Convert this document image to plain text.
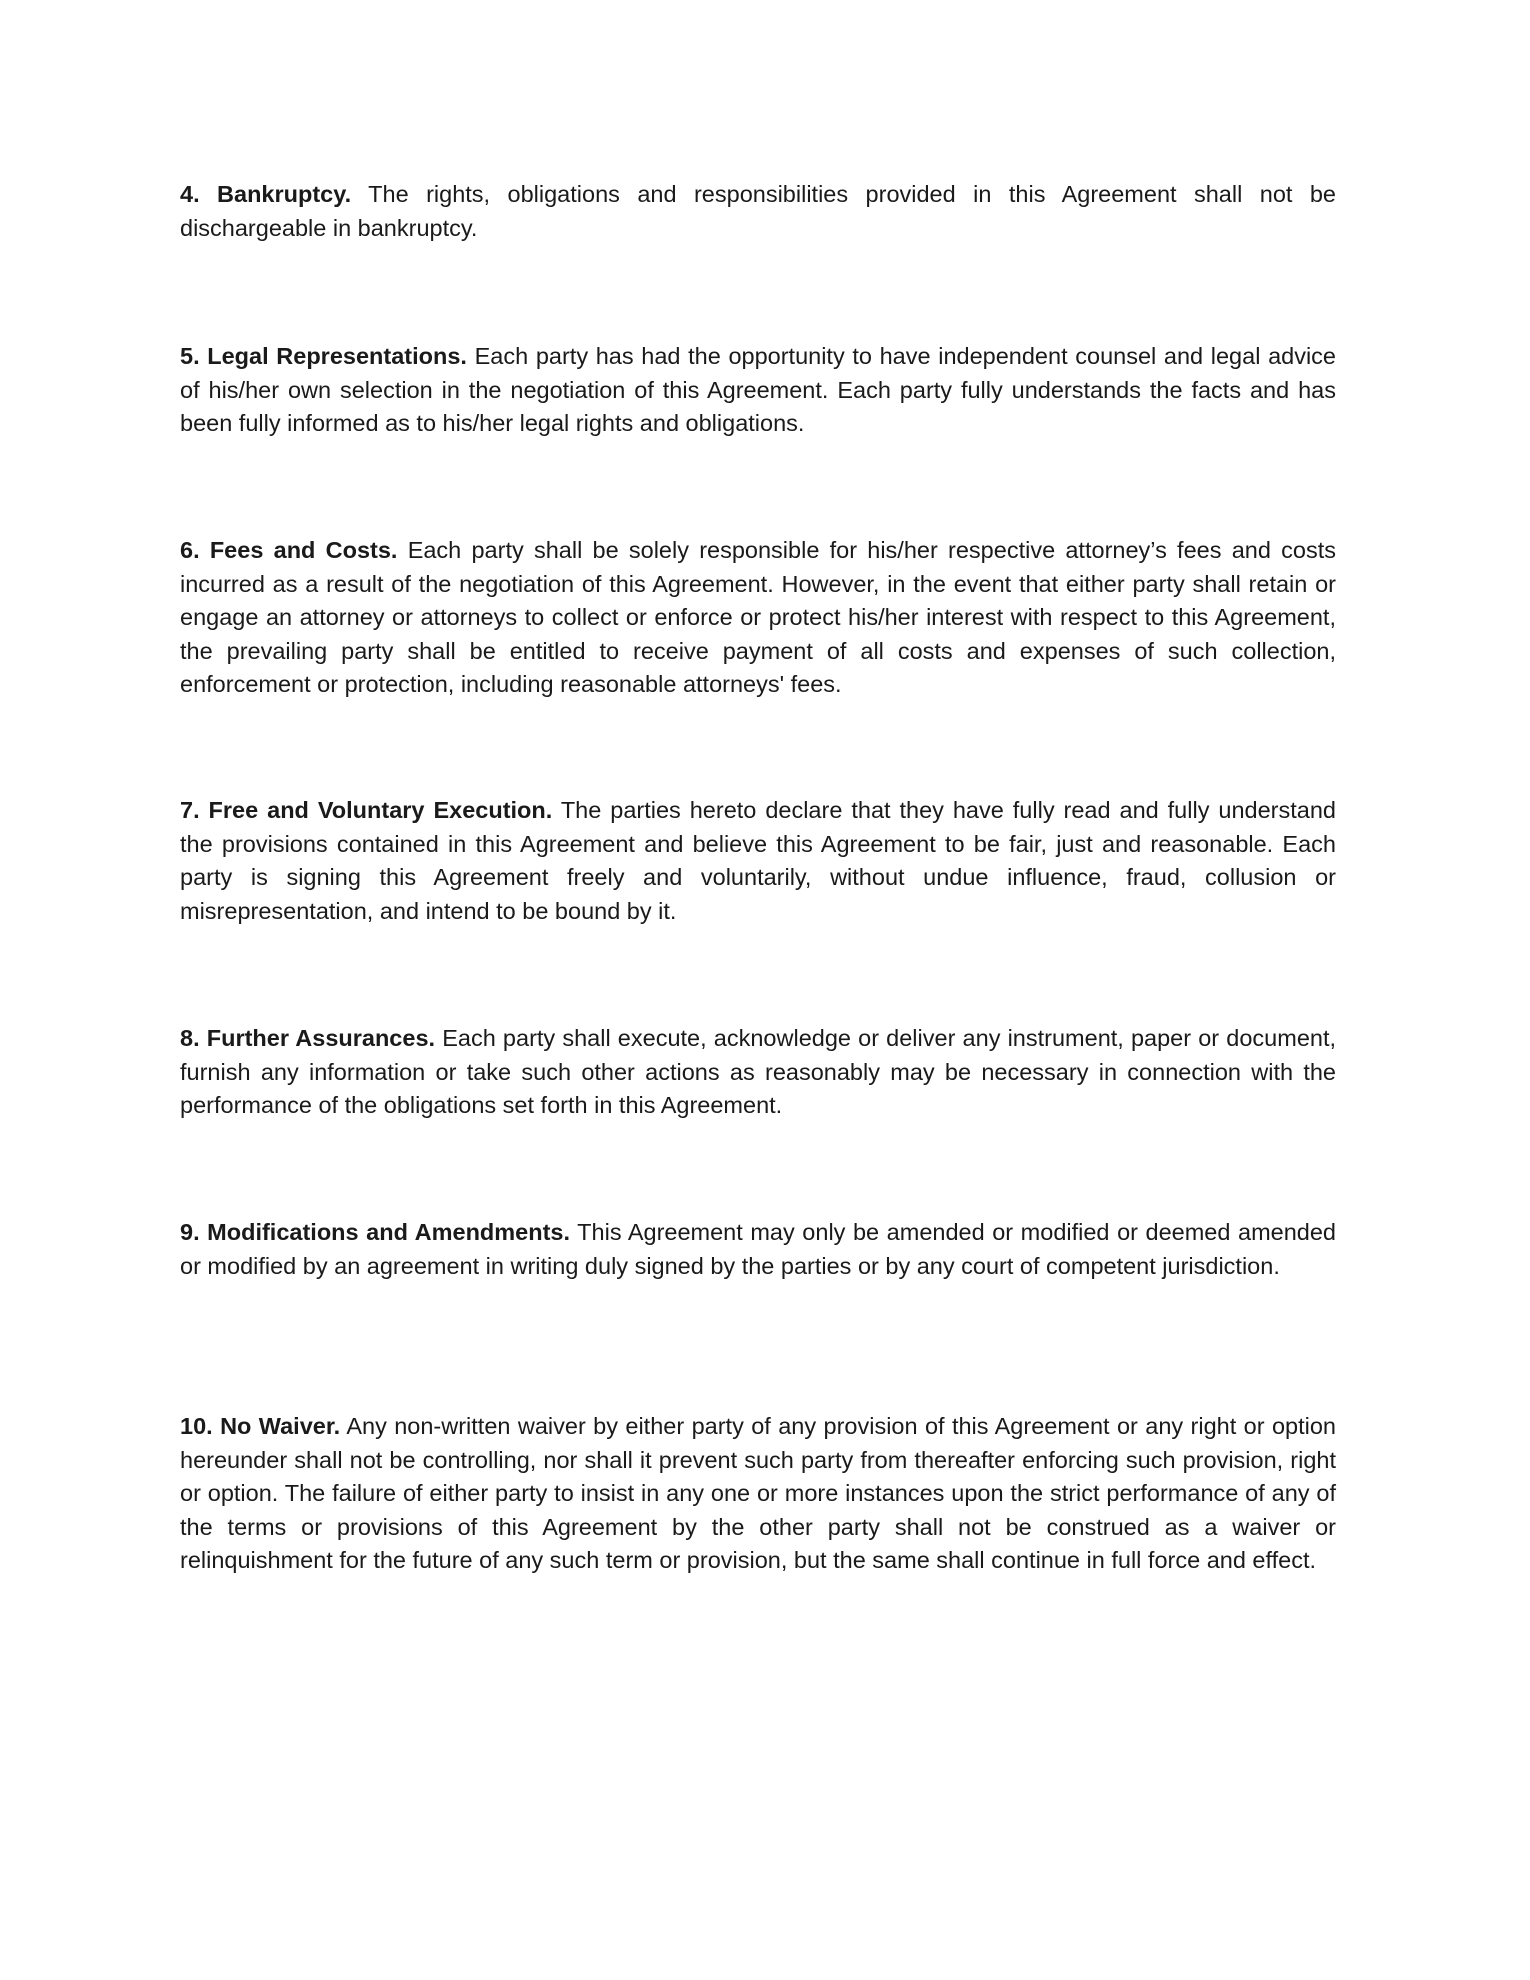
4. Bankruptcy. The rights, obligations and responsibilities provided in this Agreement shall not be dischargeable in bankruptcy.

5. Legal Representations. Each party has had the opportunity to have independent counsel and legal advice of his/her own selection in the negotiation of this Agreement. Each party fully understands the facts and has been fully informed as to his/her legal rights and obligations.

6. Fees and Costs. Each party shall be solely responsible for his/her respective attorney’s fees and costs incurred as a result of the negotiation of this Agreement. However, in the event that either party shall retain or engage an attorney or attorneys to collect or enforce or protect his/her interest with respect to this Agreement, the prevailing party shall be entitled to receive payment of all costs and expenses of such collection, enforcement or protection, including reasonable attorneys' fees.

7. Free and Voluntary Execution. The parties hereto declare that they have fully read and fully understand the provisions contained in this Agreement and believe this Agreement to be fair, just and reasonable. Each party is signing this Agreement freely and voluntarily, without undue influence, fraud, collusion or misrepresentation, and intend to be bound by it.

8. Further Assurances. Each party shall execute, acknowledge or deliver any instrument, paper or document, furnish any information or take such other actions as reasonably may be necessary in connection with the performance of the obligations set forth in this Agreement.

9. Modifications and Amendments. This Agreement may only be amended or modified or deemed amended or modified by an agreement in writing duly signed by the parties or by any court of competent jurisdiction.

10. No Waiver. Any non-written waiver by either party of any provision of this Agreement or any right or option hereunder shall not be controlling, nor shall it prevent such party from thereafter enforcing such provision, right or option. The failure of either party to insist in any one or more instances upon the strict performance of any of the terms or provisions of this Agreement by the other party shall not be construed as a waiver or relinquishment for the future of any such term or provision, but the same shall continue in full force and effect.
